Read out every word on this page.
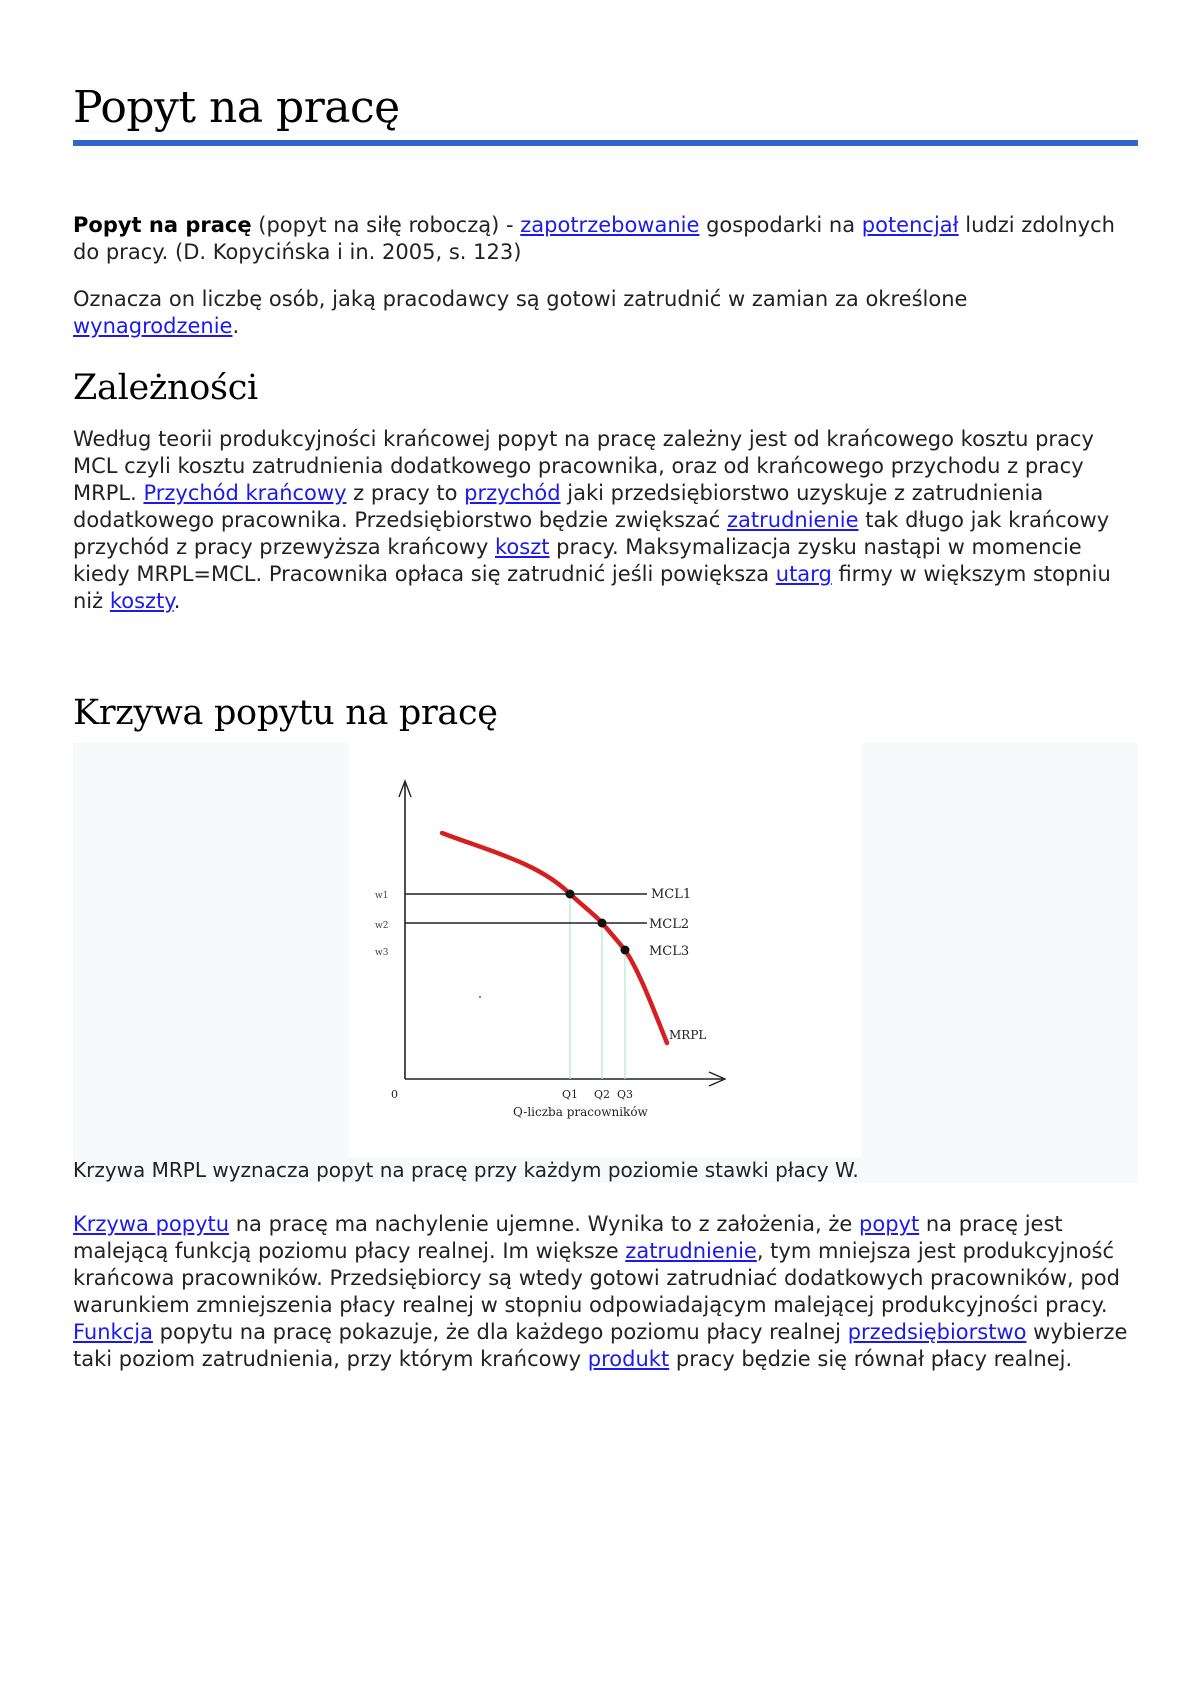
Popyt na pracę

Popyt na pracę (popyt na siłę roboczą) - zapotrzebowanie gospodarki na potencjał ludzi zdolnych do pracy. (D. Kopycińska i in. 2005, s. 123)

Oznacza on liczbę osób, jaką pracodawcy są gotowi zatrudnić w zamian za określone wynagrodzenie.

Zależności

Według teorii produkcyjności krańcowej popyt na pracę zależny jest od krańcowego kosztu pracy MCL czyli kosztu zatrudnienia dodatkowego pracownika, oraz od krańcowego przychodu z pracy MRPL. Przychód krańcowy z pracy to przychód jaki przedsiębiorstwo uzyskuje z zatrudnienia dodatkowego pracownika. Przedsiębiorstwo będzie zwiększać zatrudnienie tak długo jak krańcowy przychód z pracy przewyższa krańcowy koszt pracy. Maksymalizacja zysku nastąpi w momencie kiedy MRPL=MCL. Pracownika opłaca się zatrudnić jeśli powiększa utarg firmy w większym stopniu niż koszty.

Krzywa popytu na pracę
w1
w2
w3
MCL1
MCL2
MCL3
MRPL
0	Q1 Q2 Q3
Q-liczba pracowników
Krzywa MRPL wyznacza popyt na pracę przy każdym poziomie stawki płacy W.

Krzywa popytu na pracę ma nachylenie ujemne. Wynika to z założenia, że popyt na pracę jest malejącą funkcją poziomu płacy realnej. Im większe zatrudnienie, tym mniejsza jest produkcyjność krańcowa pracowników. Przedsiębiorcy są wtedy gotowi zatrudniać dodatkowych pracowników, pod warunkiem zmniejszenia płacy realnej w stopniu odpowiadającym malejącej produkcyjności pracy. Funkcja popytu na pracę pokazuje, że dla każdego poziomu płacy realnej przedsiębiorstwo wybierze taki poziom zatrudnienia, przy którym krańcowy produkt pracy będzie się równał płacy realnej.
